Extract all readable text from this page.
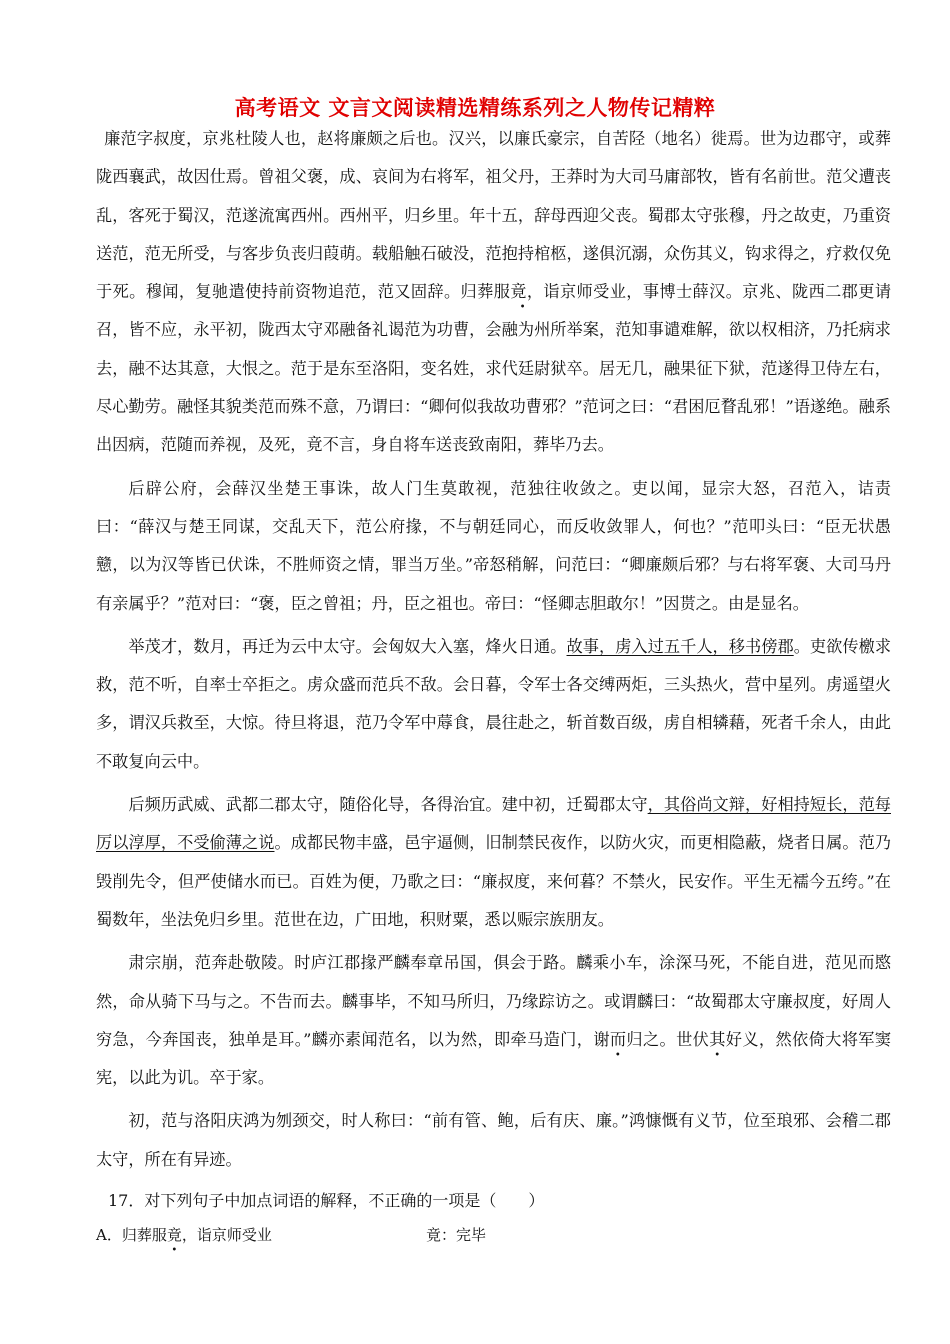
高考语文 文言文阅读精选精练系列之人物传记精粹

廉范字叔度，京兆杜陵人也，赵将廉颇之后也。汉兴，以廉氏豪宗，自苦陉（地名）徙焉。世为边郡守，或葬陇西襄武，故因仕焉。曾祖父褒，成、哀间为右将军，祖父丹，王莽时为大司马庸部牧，皆有名前世。范父遭丧乱，客死于蜀汉，范遂流寓西州。西州平，归乡里。年十五，辞母西迎父丧。蜀郡太守张穆，丹之故吏，乃重资送范，范无所受，与客步负丧归葭萌。载船触石破没，范抱持棺柩，遂俱沉溺，众伤其义，钩求得之，疗救仅免于死。穆闻，复驰遣使持前资物追范，范又固辞。归葬服竟，诣京师受业，事博士薛汉。京兆、陇西二郡更请召，皆不应，永平初，陇西太守邓融备礼谒范为功曹，会融为州所举案，范知事谴难解，欲以权相济，乃托病求去，融不达其意，大恨之。范于是东至洛阳，变名姓，求代廷尉狱卒。居无几，融果征下狱，范遂得卫侍左右，尽心勤劳。融怪其貌类范而殊不意，乃谓曰：“卿何似我故功曹邪？”范诃之曰：“君困厄瞀乱邪！”语遂绝。融系出因病，范随而养视，及死，竟不言，身自将车送丧致南阳，葬毕乃去。

后辟公府，会薛汉坐楚王事诛，故人门生莫敢视，范独往收敛之。吏以闻，显宗大怒，召范入，诘责曰：“薛汉与楚王同谋，交乱天下，范公府掾，不与朝廷同心，而反收敛罪人，何也？”范叩头曰：“臣无状愚戆，以为汉等皆已伏诛，不胜师资之情，罪当万坐。”帝怒稍解，问范曰：“卿廉颇后邪？与右将军褒、大司马丹有亲属乎？”范对曰：“褒，臣之曾祖；丹，臣之祖也。帝曰：“怪卿志胆敢尔！”因贳之。由是显名。

举茂才，数月，再迁为云中太守。会匈奴大入塞，烽火日通。故事，虏入过五千人，移书傍郡。吏欲传檄求救，范不听，自率士卒拒之。虏众盛而范兵不敌。会日暮，令军士各交缚两炬，三头热火，营中星列。虏遥望火多，谓汉兵救至，大惊。待旦将退，范乃令军中蓐食，晨往赴之，斩首数百级，虏自相辚藉，死者千余人，由此不敢复向云中。

后频历武威、武都二郡太守，随俗化导，各得治宜。建中初，迁蜀郡太守，其俗尚文辩，好相持短长，范每厉以淳厚，不受偷薄之说。成都民物丰盛，邑宇逼侧，旧制禁民夜作，以防火灾，而更相隐蔽，烧者日属。范乃毁削先令，但严使储水而已。百姓为便，乃歌之曰：“廉叔度，来何暮？不禁火，民安作。平生无襦今五绔。”在蜀数年，坐法免归乡里。范世在边，广田地，积财粟，悉以赈宗族朋友。

肃宗崩，范奔赴敬陵。时庐江郡掾严麟奉章吊国，俱会于路。麟乘小车，涂深马死，不能自进，范见而愍然，命从骑下马与之。不告而去。麟事毕，不知马所归，乃缘踪访之。或谓麟曰：“故蜀郡太守廉叔度，好周人穷急，今奔国丧，独单是耳。”麟亦素闻范名，以为然，即牵马造门，谢而归之。世伏其好义，然依倚大将军窦宪，以此为讥。卒于家。

初，范与洛阳庆鸿为刎颈交，时人称曰：“前有管、鲍，后有庆、廉。”鸿慷慨有义节，位至琅邪、会稽二郡太守，所在有异迹。

17．对下列句子中加点词语的解释，不正确的一项是（　　）
A．归葬服竟，诣京师受业	竟：完毕
